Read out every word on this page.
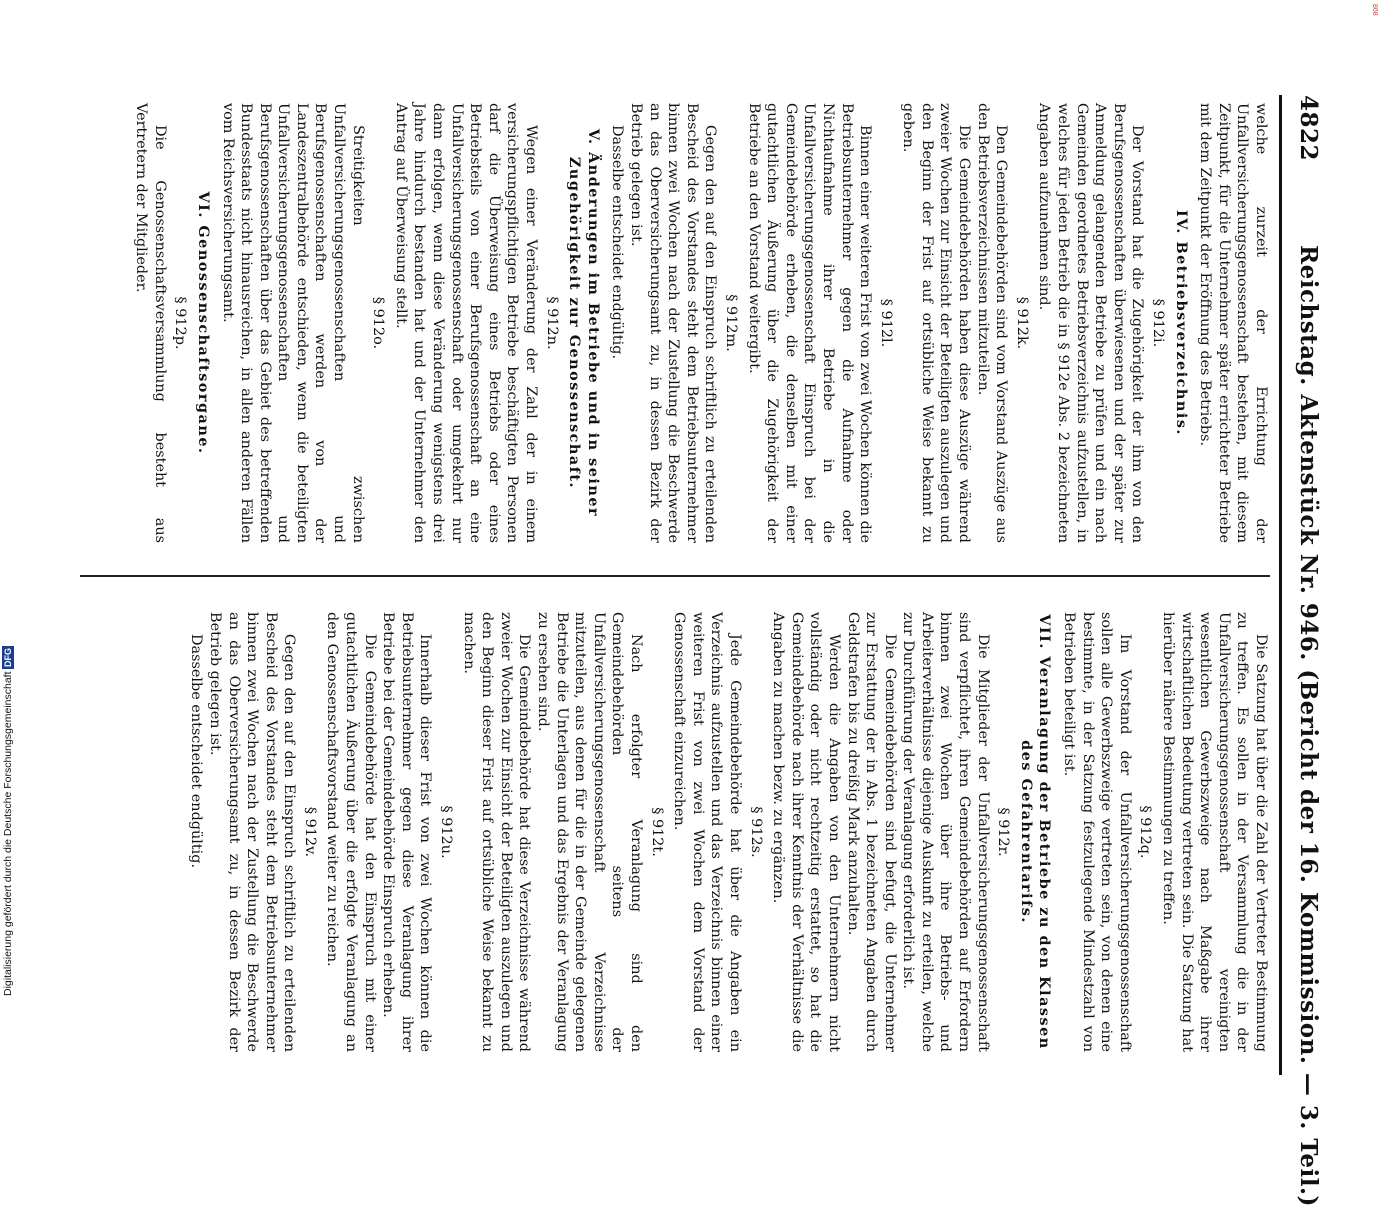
868
Digitalisierung gefördert durch die Deutsche Forschungsgemeinschaft DFG
4822
Reichstag. Aktenstück Nr. 946. (Bericht der 16. Kommission. — 3. Teil.)

welche zurzeit der Errichtung der Unfallversicherungsgenossenschaft bestehen, mit diesem Zeitpunkt, für die Unternehmer später errichteter Betriebe mit dem Zeitpunkt der Eröffnung des Betriebs.

IV. Betriebsverzeichnis.
§ 912i.

Der Vorstand hat die Zugehörigkeit der ihm von den Berufsgenossenschaften überwiesenen und der später zur Anmeldung gelangenden Betriebe zu prüfen und ein nach Gemeinden geordnetes Betriebsverzeichnis aufzustellen, in welches für jeden Betrieb die in § 912e Abs. 2 bezeichneten Angaben aufzunehmen sind.

§ 912k.

Den Gemeindebehörden sind vom Vorstand Auszüge aus den Betriebsverzeichnissen mitzuteilen.

Die Gemeindebehörden haben diese Auszüge während zweier Wochen zur Einsicht der Beteiligten auszulegen und den Beginn der Frist auf ortsübliche Weise bekannt zu geben.

§ 912l.

Binnen einer weiteren Frist von zwei Wochen können die Betriebsunternehmer gegen die Aufnahme oder Nichtaufnahme ihrer Betriebe in die Unfallversicherungsgenossenschaft Einspruch bei der Gemeindebehörde erheben, die denselben mit einer gutachtlichen Äußerung über die Zugehörigkeit der Betriebe an den Vorstand weitergibt.

§ 912m.

Gegen den auf den Einspruch schriftlich zu erteilenden Bescheid des Vorstandes steht dem Betriebsunternehmer binnen zwei Wochen nach der Zustellung die Beschwerde an das Oberversicherungsamt zu, in dessen Bezirk der Betrieb gelegen ist.

Dasselbe entscheidet endgültig.

V. Änderungen im Betriebe und in seiner Zugehörigkeit zur Genossenschaft.
§ 912n.

Wegen einer Veränderung der Zahl der in einem versicherungspflichtigen Betriebe beschäftigten Personen darf die Überweisung eines Betriebs oder eines Betriebsteils von einer Berufsgenossenschaft an eine Unfallversicherungsgenossenschaft oder umgekehrt nur dann erfolgen, wenn diese Veränderung wenigstens drei Jahre hindurch bestanden hat und der Unternehmer den Antrag auf Überweisung stellt.

§ 912o.

Streitigkeiten zwischen Unfallversicherungsgenossenschaften und Berufsgenossenschaften werden von der Landeszentralbehörde entschieden, wenn die beteiligten Unfallversicherungsgenossenschaften und Berufsgenossenschaften über das Gebiet des betreffenden Bundesstaats nicht hinausreichen, in allen anderen Fällen vom Reichsversicherungsamt.

VI. Genossenschaftsorgane.
§ 912p.

Die Genossenschaftsversammlung besteht aus Vertretern der Mitglieder.

Die Satzung hat über die Zahl der Vertreter Bestimmung zu treffen. Es sollen in der Versammlung die in der Unfallversicherungsgenossenschaft vereinigten wesentlichen Gewerbszweige nach Maßgabe ihrer wirtschaftlichen Bedeutung vertreten sein. Die Satzung hat hierüber nähere Bestimmungen zu treffen.

§ 912q.

Im Vorstand der Unfallversicherungsgenossenschaft sollen alle Gewerbszweige vertreten sein, von denen eine bestimmte, in der Satzung festzulegende Mindestzahl von Betrieben beteiligt ist.

VII. Veranlagung der Betriebe zu den Klassen des Gefahrentarifs.
§ 912r.

Die Mitglieder der Unfallversicherungsgenossenschaft sind verpflichtet, ihren Gemeindebehörden auf Erfordern binnen zwei Wochen über ihre Betriebs- und Arbeiterverhältnisse diejenige Auskunft zu erteilen, welche zur Durchführung der Veranlagung erforderlich ist.

Die Gemeindebehörden sind befugt, die Unternehmer zur Erstattung der in Abs. 1 bezeichneten Angaben durch Geldstrafen bis zu dreißig Mark anzuhalten.

Werden die Angaben von den Unternehmern nicht vollständig oder nicht rechtzeitig erstattet, so hat die Gemeindebehörde nach ihrer Kenntnis der Verhältnisse die Angaben zu machen bezw. zu ergänzen.

§ 912s.

Jede Gemeindebehörde hat über die Angaben ein Verzeichnis aufzustellen und das Verzeichnis binnen einer weiteren Frist von zwei Wochen dem Vorstand der Genossenschaft einzureichen.

§ 912t.

Nach erfolgter Veranlagung sind den Gemeindebehörden seitens der Unfallversicherungsgenossenschaft Verzeichnisse mitzuteilen, aus denen für die in der Gemeinde gelegenen Betriebe die Unterlagen und das Ergebnis der Veranlagung zu ersehen sind.

Die Gemeindebehörde hat diese Verzeichnisse während zweier Wochen zur Einsicht der Beteiligten auszulegen und den Beginn dieser Frist auf ortsübliche Weise bekannt zu machen.

§ 912u.

Innerhalb dieser Frist von zwei Wochen können die Betriebsunternehmer gegen diese Veranlagung ihrer Betriebe bei der Gemeindebehörde Einspruch erheben.

Die Gemeindebehörde hat den Einspruch mit einer gutachtlichen Äußerung über die erfolgte Veranlagung an den Genossenschaftsvorstand weiter zu reichen.

§ 912v.

Gegen den auf den Einspruch schriftlich zu erteilenden Bescheid des Vorstandes steht dem Betriebsunternehmer binnen zwei Wochen nach der Zustellung die Beschwerde an das Oberversicherungsamt zu, in dessen Bezirk der Betrieb gelegen ist.

Dasselbe entscheidet endgültig.
